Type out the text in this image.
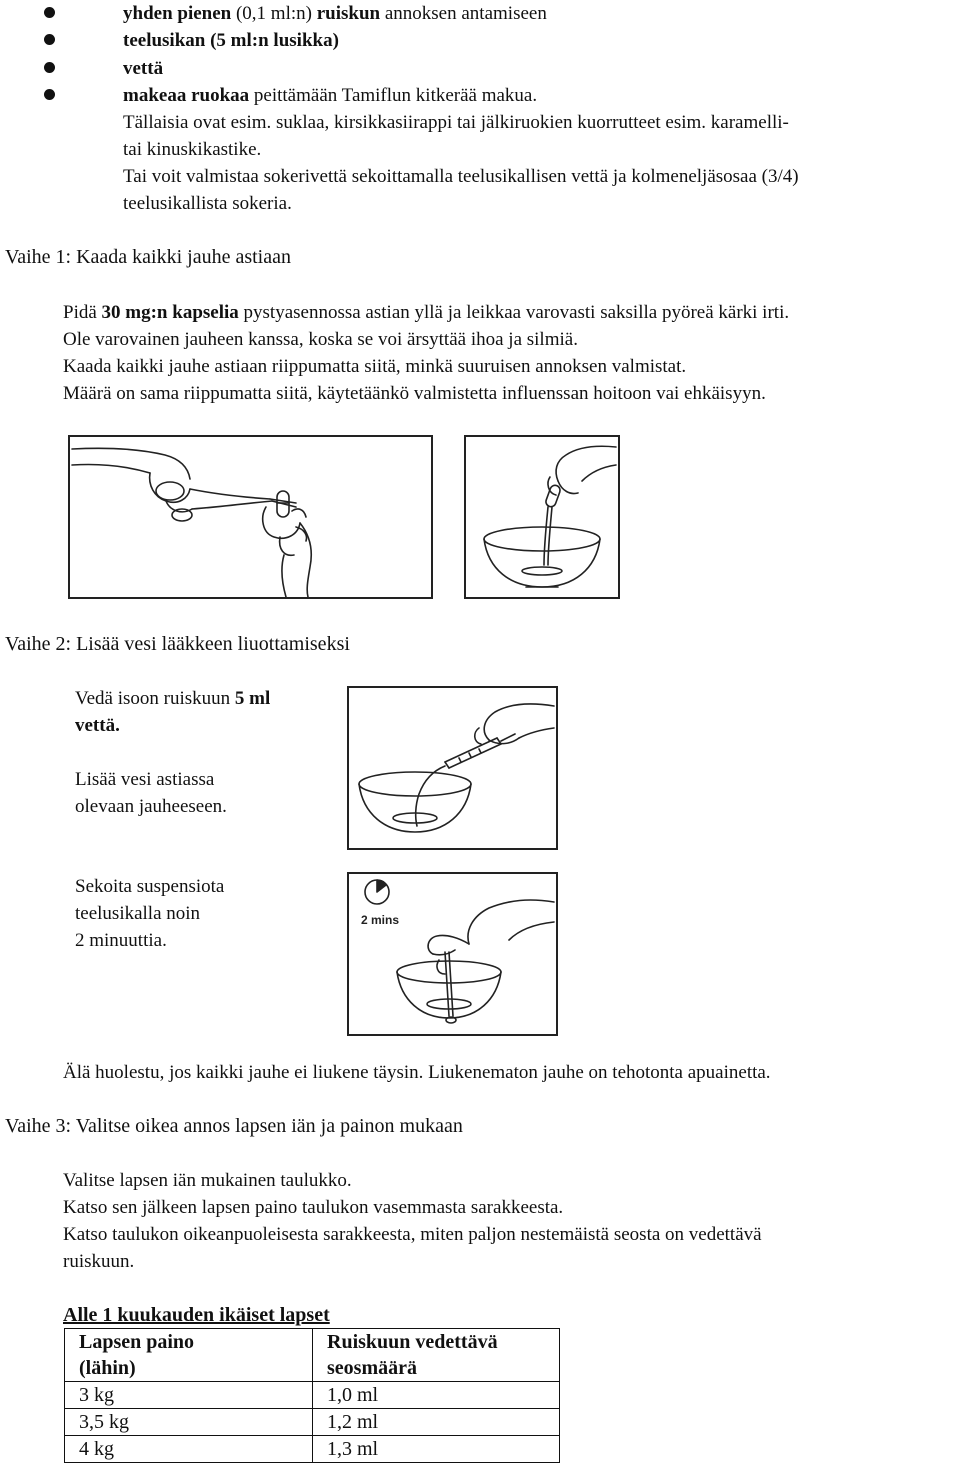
yhden pienen (0,1 ml:n) ruiskun annoksen antamiseen
teelusikan (5 ml:n lusikka)
vettä
makeaa ruokaa peittämään Tamiflun kitkerää makua.
Tällaisia ovat esim. suklaa, kirsikkasiirappi tai jälkiruokien kuorrutteet esim. karamelli-
tai kinuskikastike.
Tai voit valmistaa sokerivettä sekoittamalla teelusikallisen vettä ja kolmeneljäsosaa (3/4)
teelusikallista sokeria.
Vaihe 1: Kaada kaikki jauhe astiaan
Pidä 30 mg:n kapselia pystyasennossa astian yllä ja leikkaa varovasti saksilla pyöreä kärki irti.
Ole varovainen jauheen kanssa, koska se voi ärsyttää ihoa ja silmiä.
Kaada kaikki jauhe astiaan riippumatta siitä, minkä suuruisen annoksen valmistat.
Määrä on sama riippumatta siitä, käytetäänkö valmistetta influenssan hoitoon vai ehkäisyyn.
Vaihe 2: Lisää vesi lääkkeen liuottamiseksi
Vedä isoon ruiskuun 5 ml
vettä.
Lisää vesi astiassa
olevaan jauheeseen.
Sekoita suspensiota
teelusikalla noin
2 minuuttia.
2 mins
Älä huolestu, jos kaikki jauhe ei liukene täysin. Liukenematon jauhe on tehotonta apuainetta.
Vaihe 3: Valitse oikea annos lapsen iän ja painon mukaan
Valitse lapsen iän mukainen taulukko.
Katso sen jälkeen lapsen paino taulukon vasemmasta sarakkeesta.
Katso taulukon oikeanpuoleisesta sarakkeesta, miten paljon nestemäistä seosta on vedettävä
ruiskuun.
Alle 1 kuukauden ikäiset lapset
Lapsen paino
(lähin)	Ruiskuun vedettävä
seosmäärä
3 kg	1,0 ml
3,5 kg	1,2 ml
4 kg	1,3 ml
